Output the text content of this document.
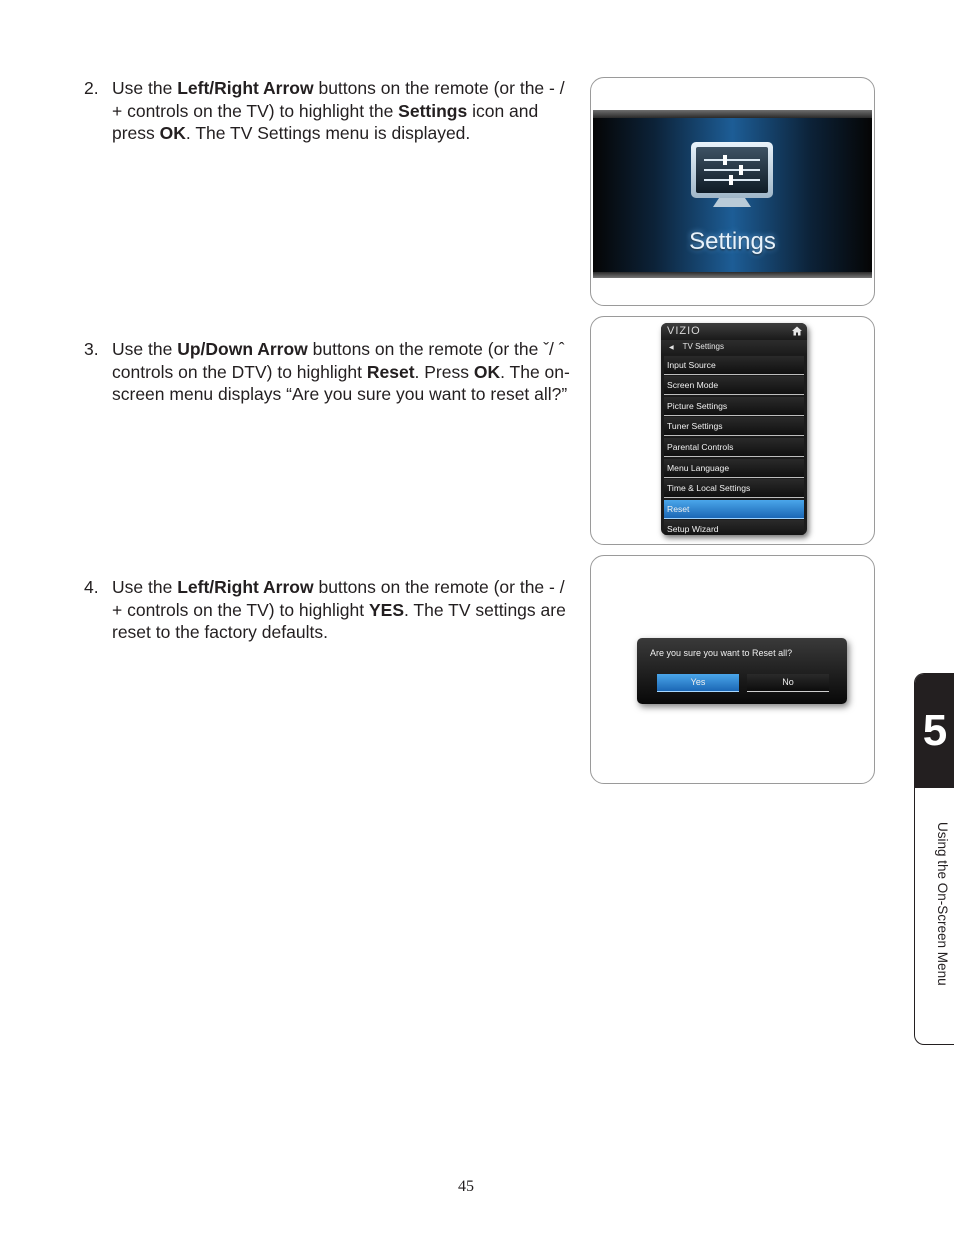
2. Use the Left/Right Arrow buttons on the remote (or the - / + controls on the TV) to highlight the Settings icon and press OK. The TV Settings menu is displayed.
3. Use the Up/Down Arrow buttons on the remote (or the ˇ/ ˆ controls on the DTV) to highlight Reset. Press OK. The on-screen menu displays “Are you sure you want to reset all?”
4. Use the Left/Right Arrow buttons on the remote (or the - / + controls on the TV) to highlight YES. The TV settings are reset to the factory defaults.
Settings
VIZIO
◀ TV Settings
Input Source
Screen Mode
Picture Settings
Tuner Settings
Parental Controls
Menu Language
Time & Local Settings
Reset
Setup Wizard
Are you sure you want to Reset all?
Yes	No
5
Using the On-Screen Menu
45
